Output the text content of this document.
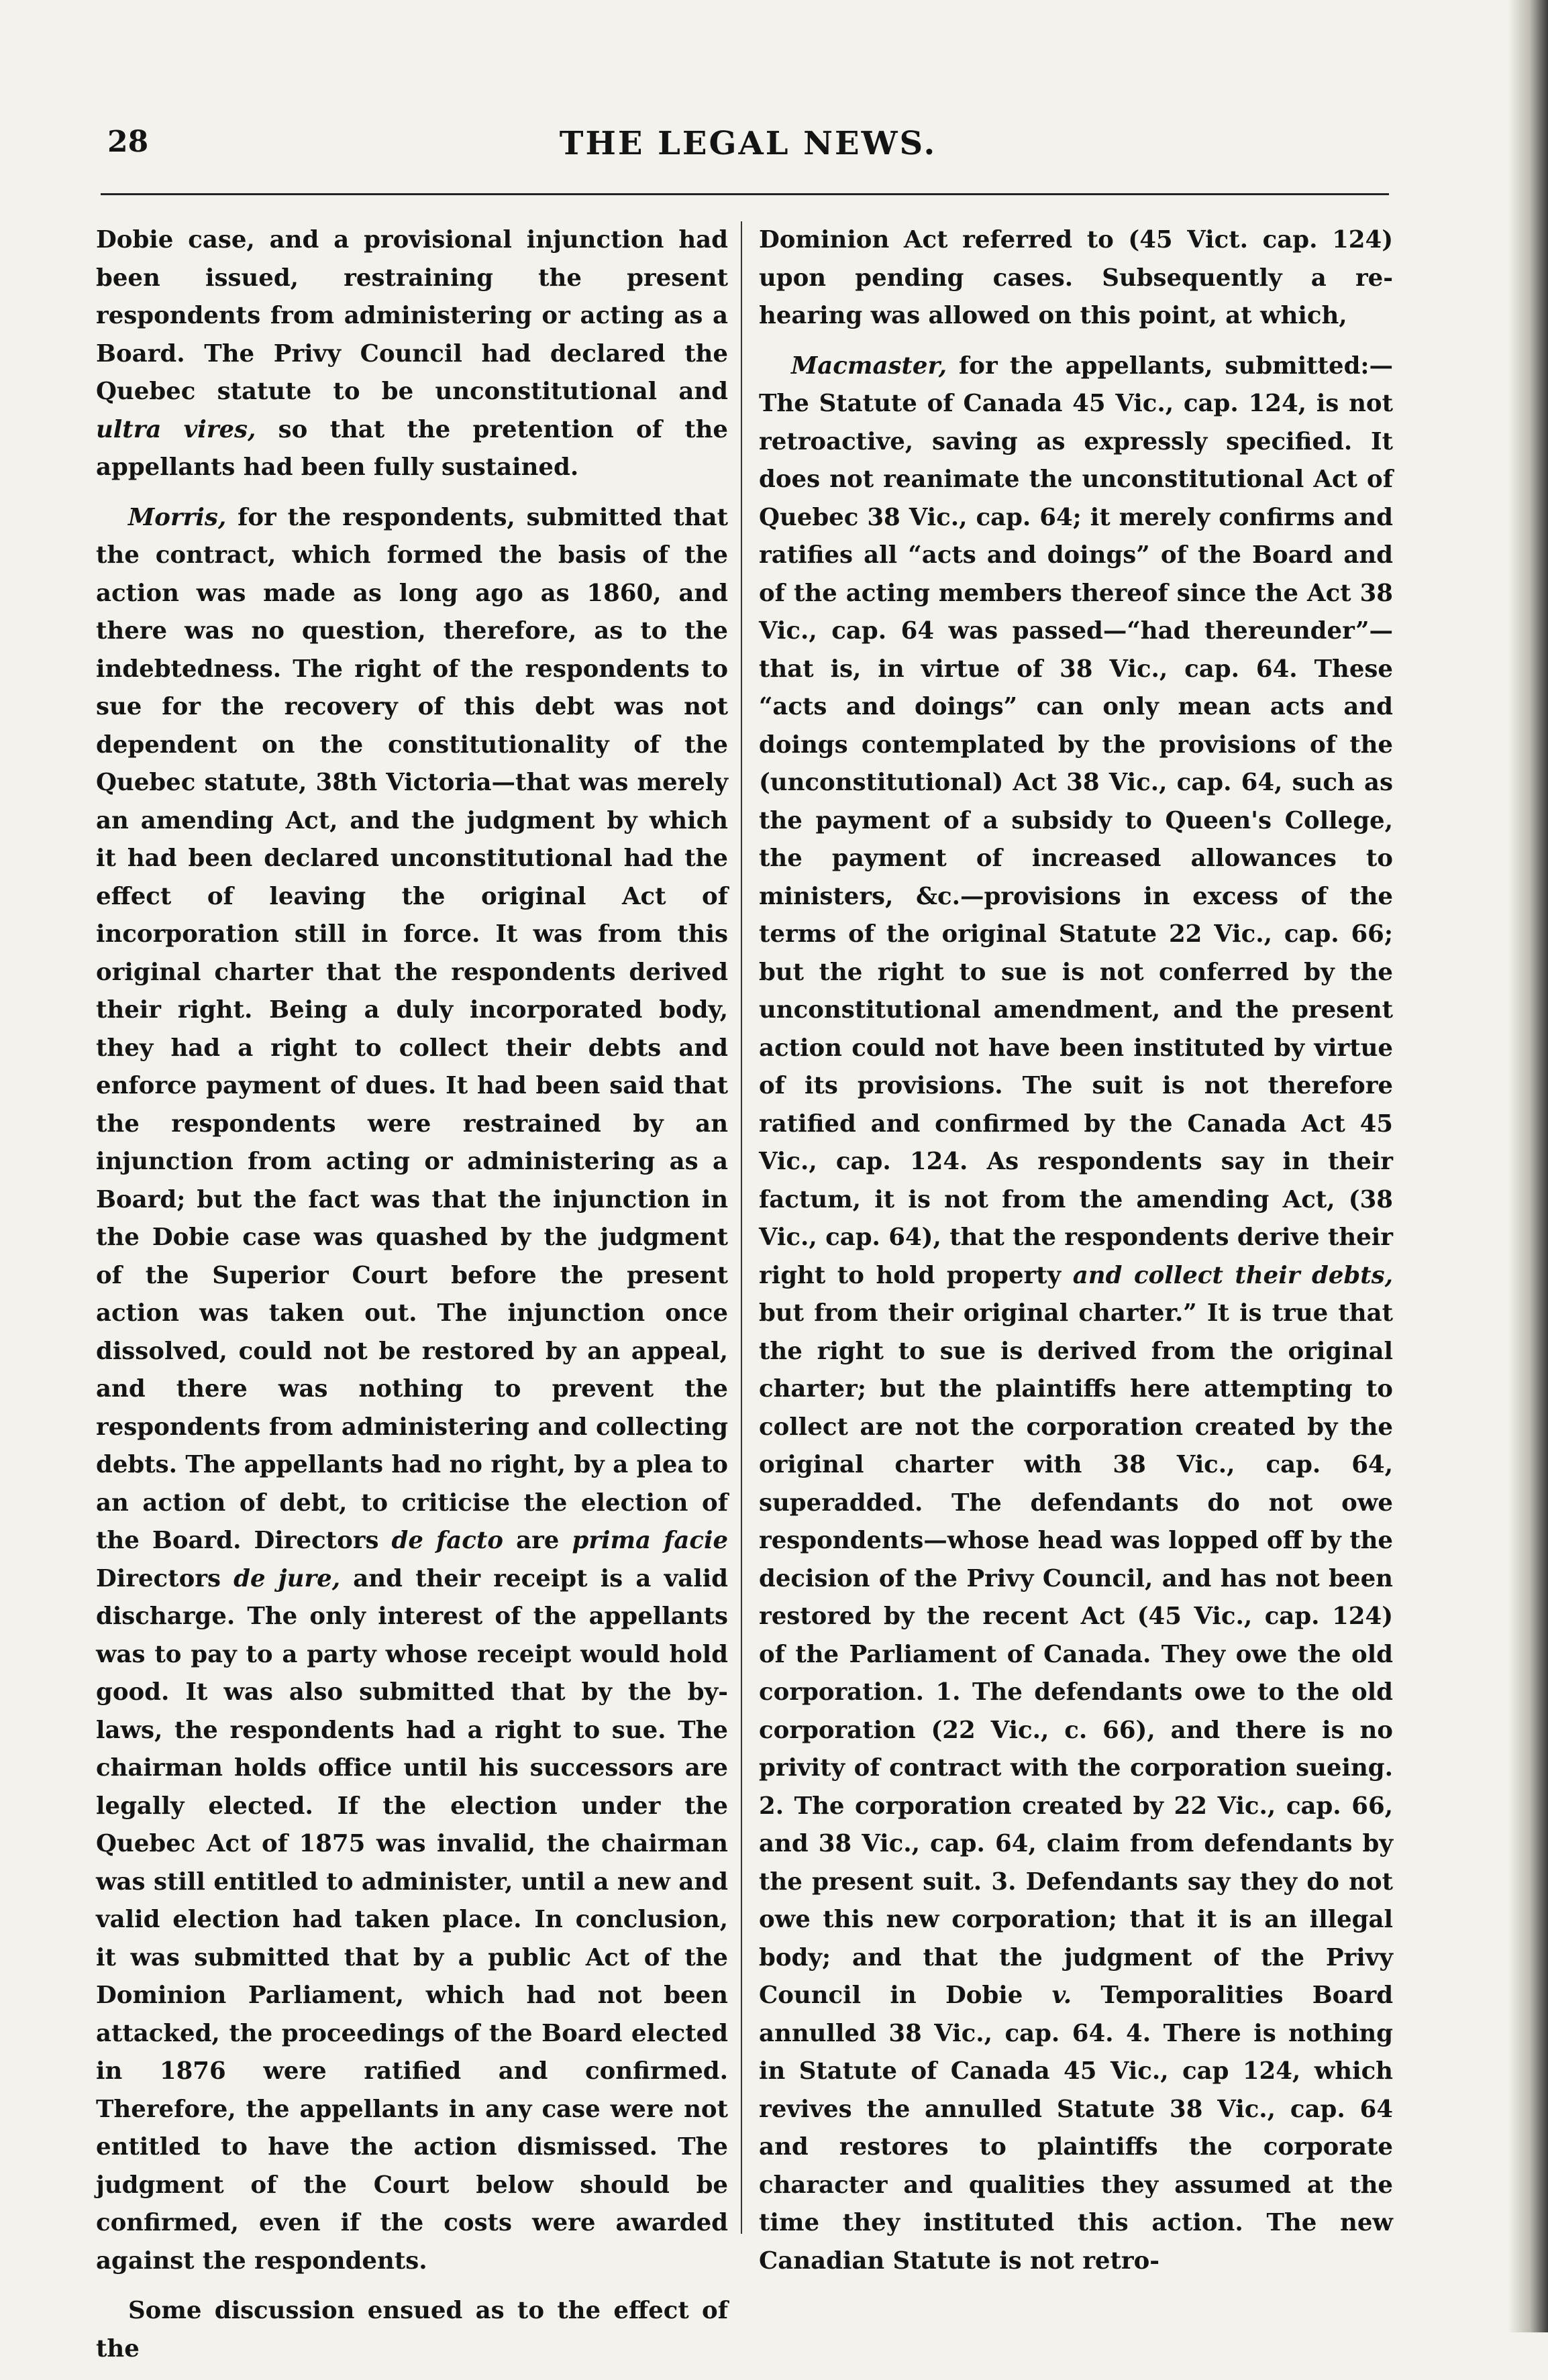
28	THE LEGAL NEWS.

Dobie case, and a provisional injunction had been issued, restraining the present respondents from administering or acting as a Board. The Privy Council had declared the Quebec statute to be unconstitutional and ultra vires, so that the pretention of the appellants had been fully sustained.

Morris, for the respondents, submitted that the contract, which formed the basis of the action was made as long ago as 1860, and there was no question, therefore, as to the indebtedness. The right of the respondents to sue for the recovery of this debt was not dependent on the constitutionality of the Quebec statute, 38th Victoria—that was merely an amending Act, and the judgment by which it had been declared unconstitutional had the effect of leaving the original Act of incorporation still in force. It was from this original charter that the respondents derived their right. Being a duly incorporated body, they had a right to collect their debts and enforce payment of dues. It had been said that the respondents were restrained by an injunction from acting or administering as a Board; but the fact was that the injunction in the Dobie case was quashed by the judgment of the Superior Court before the present action was taken out. The injunction once dissolved, could not be restored by an appeal, and there was nothing to prevent the respondents from administering and collecting debts. The appellants had no right, by a plea to an action of debt, to criticise the election of the Board. Directors de facto are prima facie Directors de jure, and their receipt is a valid discharge. The only interest of the appellants was to pay to a party whose receipt would hold good. It was also submitted that by the by-laws, the respondents had a right to sue. The chairman holds office until his successors are legally elected. If the election under the Quebec Act of 1875 was invalid, the chairman was still entitled to administer, until a new and valid election had taken place. In conclusion, it was submitted that by a public Act of the Dominion Parliament, which had not been attacked, the proceedings of the Board elected in 1876 were ratified and confirmed. Therefore, the appellants in any case were not entitled to have the action dismissed. The judgment of the Court below should be confirmed, even if the costs were awarded against the respondents.

Some discussion ensued as to the effect of the

Dominion Act referred to (45 Vict. cap. 124) upon pending cases. Subsequently a re-hearing was allowed on this point, at which,

Macmaster, for the appellants, submitted:—The Statute of Canada 45 Vic., cap. 124, is not retroactive, saving as expressly specified. It does not reanimate the unconstitutional Act of Quebec 38 Vic., cap. 64; it merely confirms and ratifies all “acts and doings” of the Board and of the acting members thereof since the Act 38 Vic., cap. 64 was passed—“had thereunder”—that is, in virtue of 38 Vic., cap. 64. These “acts and doings” can only mean acts and doings contemplated by the provisions of the (unconstitutional) Act 38 Vic., cap. 64, such as the payment of a subsidy to Queen's College, the payment of increased allowances to ministers, &c.—provisions in excess of the terms of the original Statute 22 Vic., cap. 66; but the right to sue is not conferred by the unconstitutional amendment, and the present action could not have been instituted by virtue of its provisions. The suit is not therefore ratified and confirmed by the Canada Act 45 Vic., cap. 124. As respondents say in their factum, it is not from the amending Act, (38 Vic., cap. 64), that the respondents derive their right to hold property and collect their debts, but from their original charter.” It is true that the right to sue is derived from the original charter; but the plaintiffs here attempting to collect are not the corporation created by the original charter with 38 Vic., cap. 64, superadded. The defendants do not owe respondents—whose head was lopped off by the decision of the Privy Council, and has not been restored by the recent Act (45 Vic., cap. 124) of the Parliament of Canada. They owe the old corporation. 1. The defendants owe to the old corporation (22 Vic., c. 66), and there is no privity of contract with the corporation sueing. 2. The corporation created by 22 Vic., cap. 66, and 38 Vic., cap. 64, claim from defendants by the present suit. 3. Defendants say they do not owe this new corporation; that it is an illegal body; and that the judgment of the Privy Council in Dobie v. Temporalities Board annulled 38 Vic., cap. 64. 4. There is nothing in Statute of Canada 45 Vic., cap 124, which revives the annulled Statute 38 Vic., cap. 64 and restores to plaintiffs the corporate character and qualities they assumed at the time they instituted this action. The new Canadian Statute is not retro-
